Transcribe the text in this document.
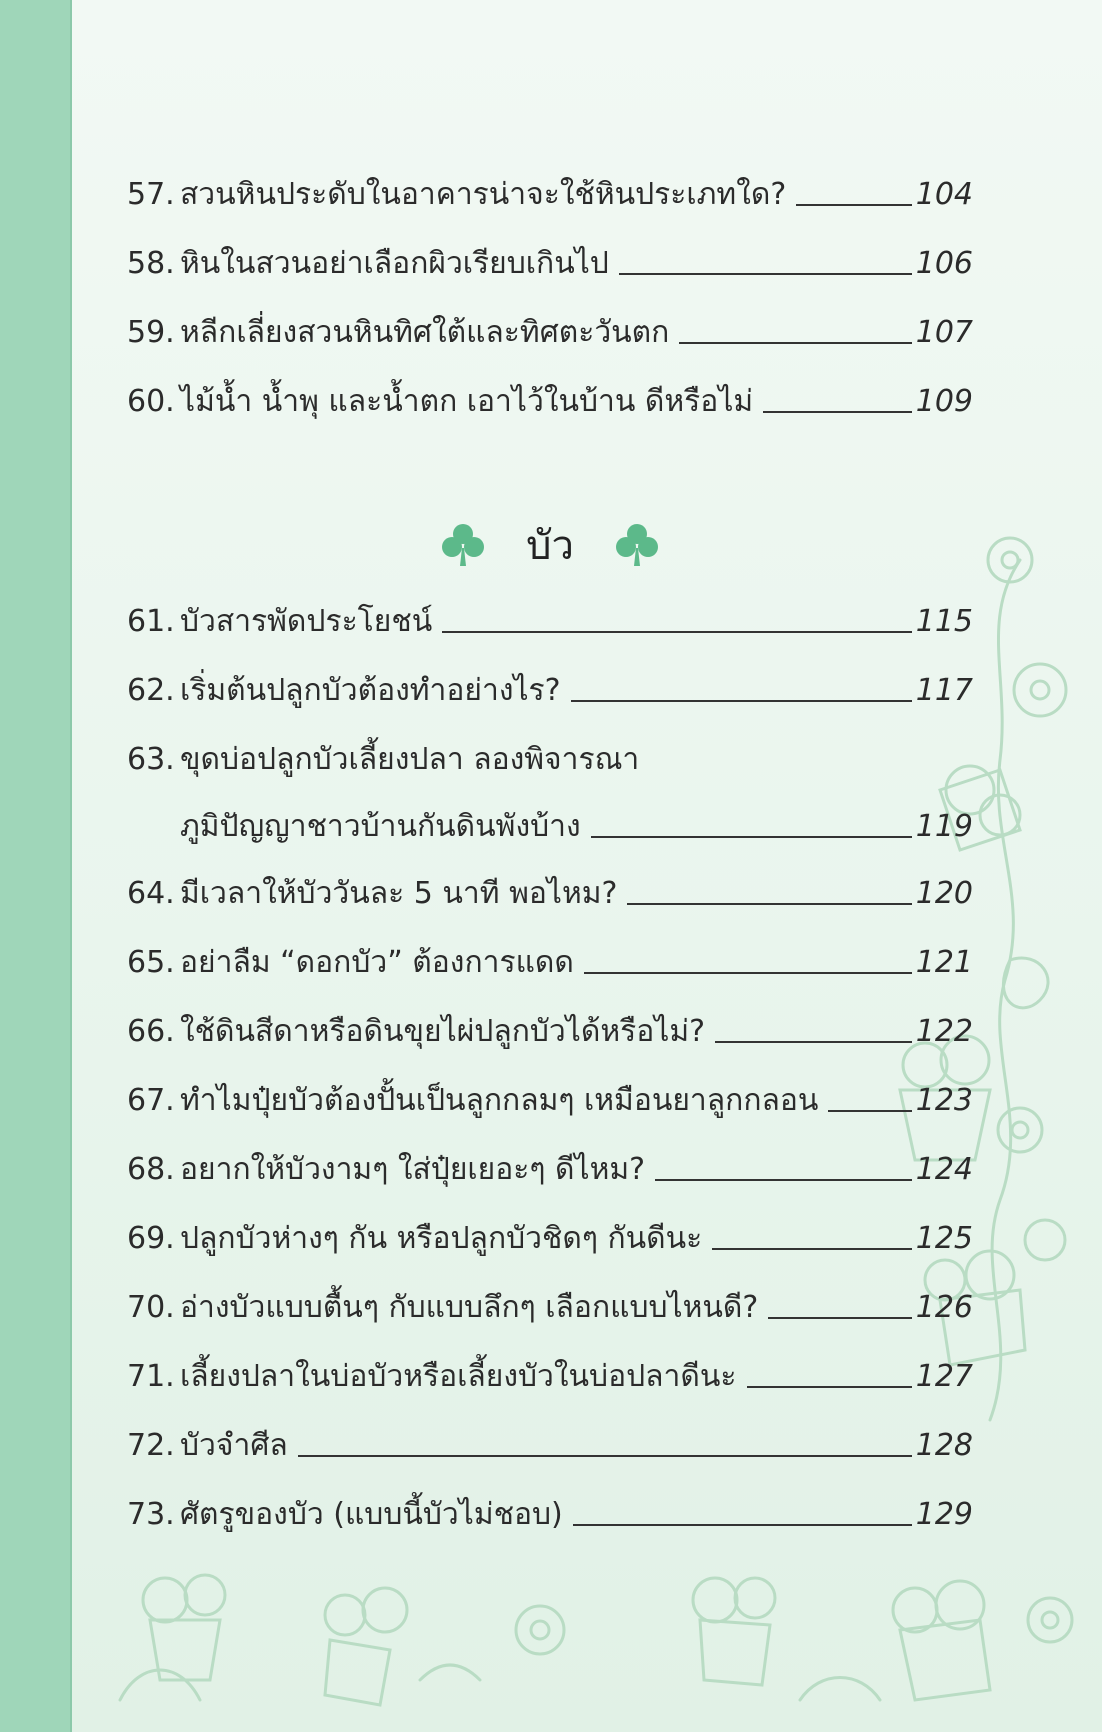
57. สวนหินประดับในอาคารน่าจะใช้หินประเภทใด?	104
58. หินในสวนอย่าเลือกผิวเรียบเกินไป	106
59. หลีกเลี่ยงสวนหินทิศใต้และทิศตะวันตก	107
60. ไม้น้ำ น้ำพุ และน้ำตก เอาไว้ในบ้าน ดีหรือไม่	109
บัว
61. บัวสารพัดประโยชน์	115
62. เริ่มต้นปลูกบัวต้องทำอย่างไร?	117
63. ขุดบ่อปลูกบัวเลี้ยงปลา ลองพิจารณา
ภูมิปัญญาชาวบ้านกันดินพังบ้าง	119
64. มีเวลาให้บัววันละ 5 นาที พอไหม?	120
65. อย่าลืม “ดอกบัว” ต้องการแดด	121
66. ใช้ดินสีดาหรือดินขุยไผ่ปลูกบัวได้หรือไม่?	122
67. ทำไมปุ๋ยบัวต้องปั้นเป็นลูกกลมๆ เหมือนยาลูกกลอน	123
68. อยากให้บัวงามๆ ใส่ปุ๋ยเยอะๆ ดีไหม?	124
69. ปลูกบัวห่างๆ กัน หรือปลูกบัวชิดๆ กันดีนะ	125
70. อ่างบัวแบบตื้นๆ กับแบบลึกๆ เลือกแบบไหนดี?	126
71. เลี้ยงปลาในบ่อบัวหรือเลี้ยงบัวในบ่อปลาดีนะ	127
72. บัวจำศีล	128
73. ศัตรูของบัว (แบบนี้บัวไม่ชอบ)	129
